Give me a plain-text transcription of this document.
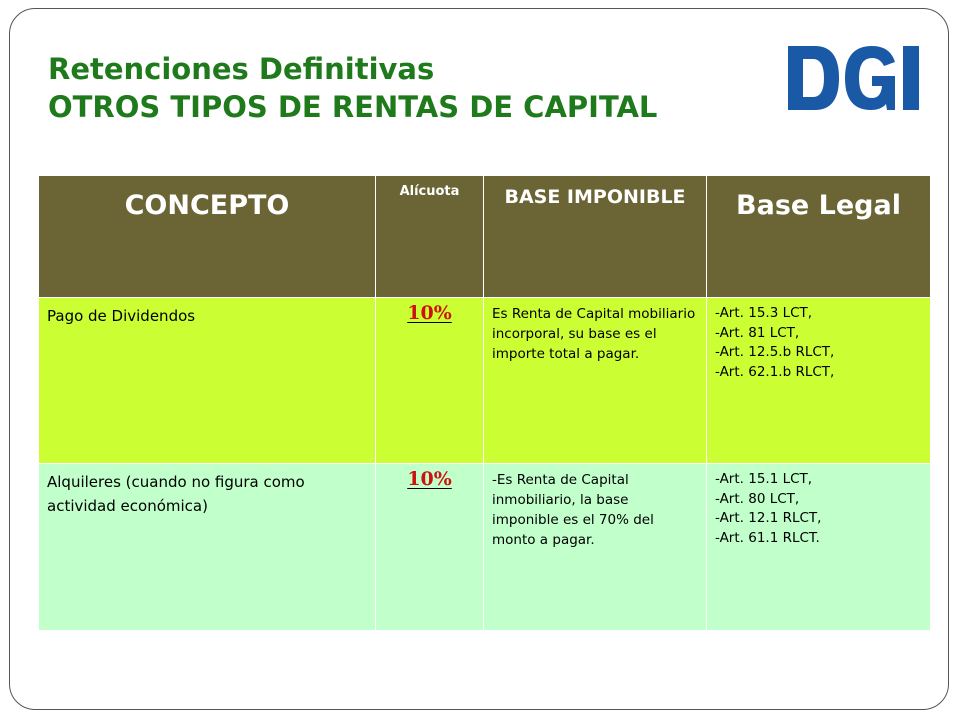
Retenciones Definitivas
OTROS TIPOS DE RENTAS DE CAPITAL
CONCEPTO	Alícuota	BASE IMPONIBLE	Base Legal
Pago de Dividendos	10%	Es Renta de Capital mobiliario incorporal, su base es el importe total a pagar.	-Art. 15.3 LCT,
-Art. 81 LCT,
-Art. 12.5.b RLCT,
-Art. 62.1.b RLCT,

Alquileres (cuando no figura como actividad económica)	10%	-Es Renta de Capital inmobiliario, la base imponible es el 70% del monto a pagar.	-Art. 15.1 LCT,
-Art. 80 LCT,
-Art. 12.1 RLCT,
-Art. 61.1 RLCT.
